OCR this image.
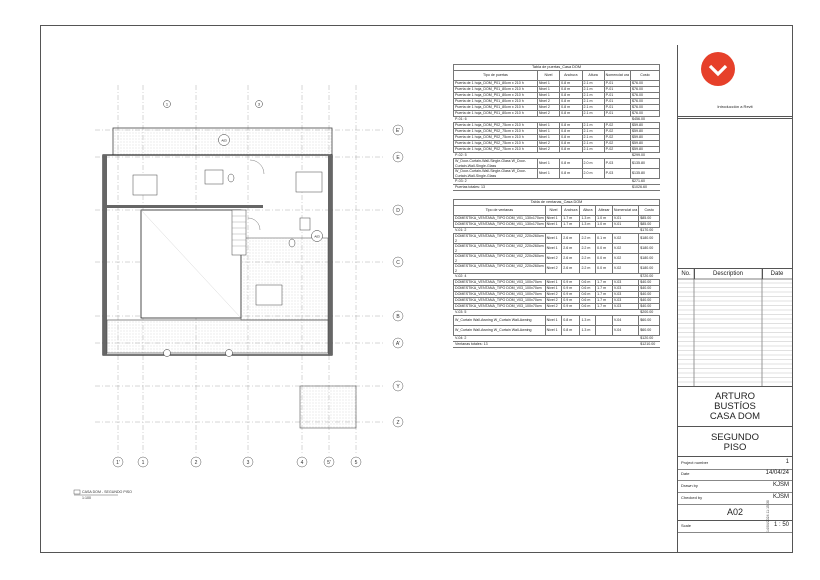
A03
A03
E'
E
D
C
B
A'
Y
Z
1'	1	2	3	4	5'	5
1	3
CASA DOM - SEGUNDO PISO
1:100
Tabla de puertas_Casa DOM					
Tipo de puertas	Nivel	Anchura	Altura	Nomenclat ura	Costo
Puerta de 1 hoja_DOM_P01_80cm x 210 h	Nivel 1	0.8 m	2.1 m	P-01	$76.00
Puerta de 1 hoja_DOM_P01_80cm x 210 h	Nivel 1	0.8 m	2.1 m	P-01	$76.00
Puerta de 1 hoja_DOM_P01_80cm x 210 h	Nivel 1	0.8 m	2.1 m	P-01	$76.00
Puerta de 1 hoja_DOM_P01_80cm x 210 h	Nivel 2	0.8 m	2.1 m	P-01	$76.00
Puerta de 1 hoja_DOM_P01_80cm x 210 h	Nivel 2	0.8 m	2.1 m	P-01	$76.00
Puerta de 1 hoja_DOM_P01_80cm x 210 h	Nivel 2	0.8 m	2.1 m	P-01	$76.00
P-01: 6					$456.00
Puerta de 1 hoja_DOM_P02_75cm x 210 h	Nivel 1	0.8 m	2.1 m	P-02	$59.80
Puerta de 1 hoja_DOM_P02_75cm x 210 h	Nivel 1	0.8 m	2.1 m	P-02	$59.80
Puerta de 1 hoja_DOM_P02_75cm x 210 h	Nivel 1	0.8 m	2.1 m	P-02	$59.80
Puerta de 1 hoja_DOM_P02_75cm x 210 h	Nivel 2	0.8 m	2.1 m	P-02	$59.80
Puerta de 1 hoja_DOM_P02_75cm x 210 h	Nivel 2	0.8 m	2.1 m	P-02	$59.80
P-02: 5					$299.00
W_Door-Curtain-Wall-Single-Glass W_Door-Curtain-Wall-Single-Glass	Nivel 1	0.8 m	2.0 m	P-03	$135.80
W_Door-Curtain-Wall-Single-Glass W_Door-Curtain-Wall-Single-Glass	Nivel 1	0.8 m	2.0 m	P-03	$135.80
P-03: 2					$271.60
Puertas totales: 13					$1026.60
Tabla de ventanas_Casa DOM						
Tipo de ventanas	Nivel	Anchura	Altura	Altezar	Nomenclat ura	Costo
DOMESTIKA_VENTANA_TIPO DOM_V01_130x170cm	Nivel 1	1.7 m	1.3 m	1.0 m	V-01	$85.00
DOMESTIKA_VENTANA_TIPO DOM_V01_130x170cm	Nivel 1	1.7 m	1.3 m	1.0 m	V-01	$85.00
V-01: 2						$170.00
DOMESTIKA_VENTANA_TIPO DOM_V02_220x260cm 2	Nivel 1	2.6 m	2.2 m	0.1 m	V-02	$180.00
DOMESTIKA_VENTANA_TIPO DOM_V02_220x260cm 2	Nivel 1	2.6 m	2.2 m	0.0 m	V-02	$180.00
DOMESTIKA_VENTANA_TIPO DOM_V02_220x260cm 2	Nivel 2	2.6 m	2.2 m	0.0 m	V-02	$180.00
DOMESTIKA_VENTANA_TIPO DOM_V02_220x260cm 2	Nivel 2	2.6 m	2.2 m	0.0 m	V-02	$180.00
V-02: 4						$720.00
DOMESTIKA_VENTANA_TIPO DOM_V03_100x70cm	Nivel 1	0.9 m	0.6 m	1.7 m	V-03	$40.00
DOMESTIKA_VENTANA_TIPO DOM_V03_100x70cm	Nivel 1	0.9 m	0.6 m	1.7 m	V-03	$40.00
DOMESTIKA_VENTANA_TIPO DOM_V03_100x70cm	Nivel 2	0.9 m	0.6 m	1.7 m	V-03	$40.00
DOMESTIKA_VENTANA_TIPO DOM_V03_100x70cm	Nivel 2	0.9 m	0.6 m	1.7 m	V-03	$40.00
DOMESTIKA_VENTANA_TIPO DOM_V03_100x70cm	Nivel 2	0.9 m	0.6 m	1.7 m	V-03	$40.00
V-03: 5						$200.00
W_Curtain Wall-Awning W_Curtain Wall-Awning	Nivel 1	0.8 m	1.3 m		V-04	$60.00
W_Curtain Wall-Awning W_Curtain Wall-Awning	Nivel 1	0.8 m	1.3 m		V-04	$60.00
V-04: 2						$120.00
Ventanas totales: 13						$1210.00
Introducción a Revit
No.	Description	Date
ARTURO
BUSTÍOS
CASA DOM
SEGUNDO
PISO
Project number	1
Date	14/04/24
Drawn by	KJSM
Checked by	KJSM
A02
Scale	1 : 50
14/04/2024 11:15:30
